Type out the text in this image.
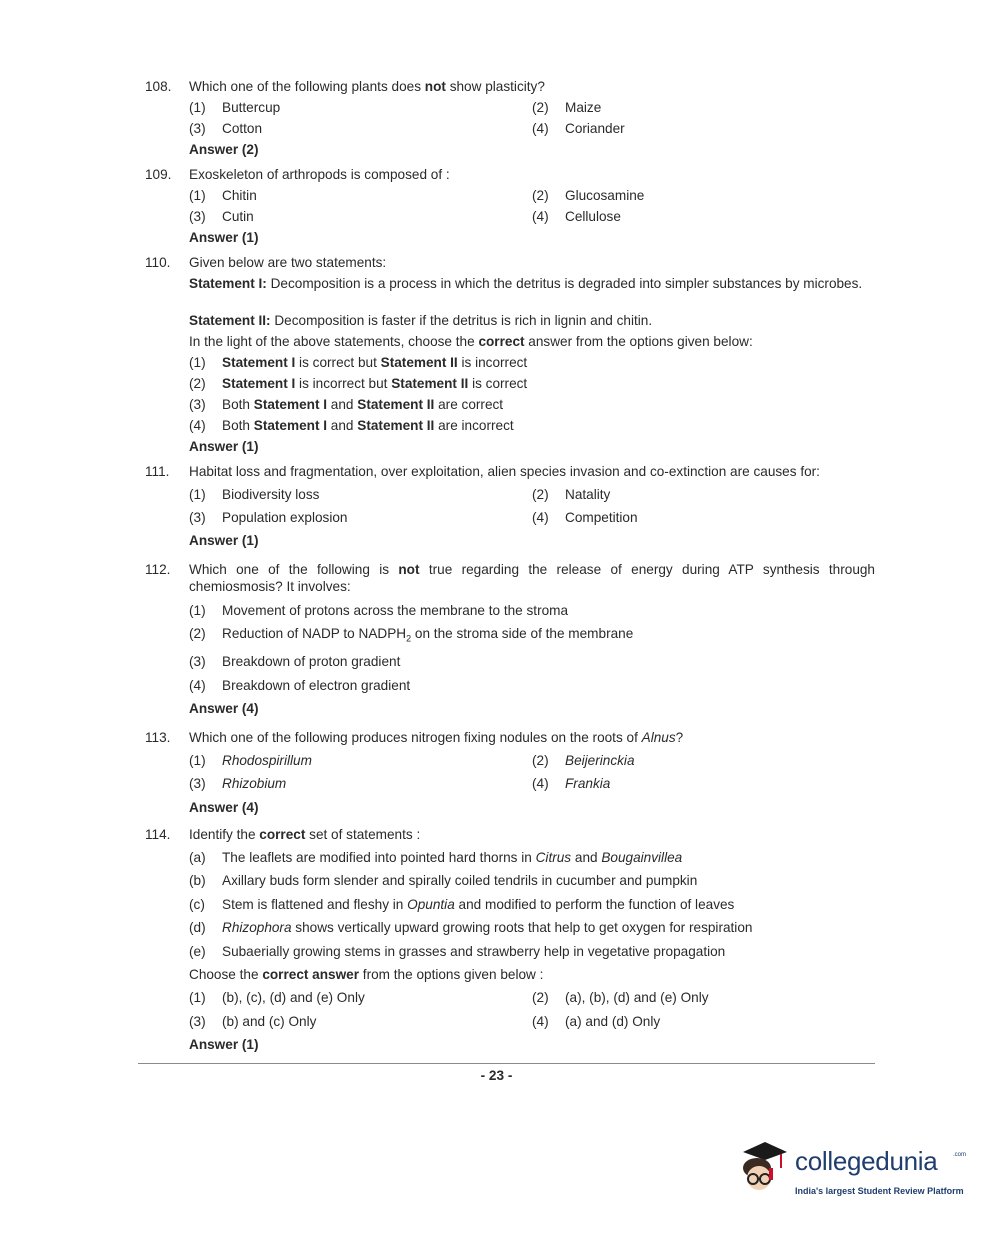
108. Which one of the following plants does not show plasticity?
(1) Buttercup	(2) Maize
(3) Cotton	(4) Coriander
Answer (2)
109. Exoskeleton of arthropods is composed of :
(1) Chitin	(2) Glucosamine
(3) Cutin	(4) Cellulose
Answer (1)
110. Given below are two statements:
Statement I: Decomposition is a process in which the detritus is degraded into simpler substances by microbes.
Statement II: Decomposition is faster if the detritus is rich in lignin and chitin.
In the light of the above statements, choose the correct answer from the options given below:
(1) Statement I is correct but Statement II is incorrect
(2) Statement I is incorrect but Statement II is correct
(3) Both Statement I and Statement II are correct
(4) Both Statement I and Statement II are incorrect
Answer (1)
111. Habitat loss and fragmentation, over exploitation, alien species invasion and co-extinction are causes for:
(1) Biodiversity loss	(2) Natality
(3) Population explosion	(4) Competition
Answer (1)
112. Which one of the following is not true regarding the release of energy during ATP synthesis through chemiosmosis? It involves:
(1) Movement of protons across the membrane to the stroma
(2) Reduction of NADP to $NADPH_2$ on the stroma side of the membrane
(3) Breakdown of proton gradient
(4) Breakdown of electron gradient
Answer (4)
113. Which one of the following produces nitrogen fixing nodules on the roots of Alnus?
(1) Rhodospirillum	(2) Beijerinckia
(3) Rhizobium	(4) Frankia
Answer (4)
114. Identify the correct set of statements :
(a) The leaflets are modified into pointed hard thorns in Citrus and Bougainvillea
(b) Axillary buds form slender and spirally coiled tendrils in cucumber and pumpkin
(c) Stem is flattened and fleshy in Opuntia and modified to perform the function of leaves
(d) Rhizophora shows vertically upward growing roots that help to get oxygen for respiration
(e) Subaerially growing stems in grasses and strawberry help in vegetative propagation
Choose the correct answer from the options given below :
(1) (b), (c), (d) and (e) Only	(2) (a), (b), (d) and (e) Only
(3) (b) and (c) Only	(4) (a) and (d) Only
Answer (1)
- 23 -
collegedunia	.com
India's largest Student Review Platform
